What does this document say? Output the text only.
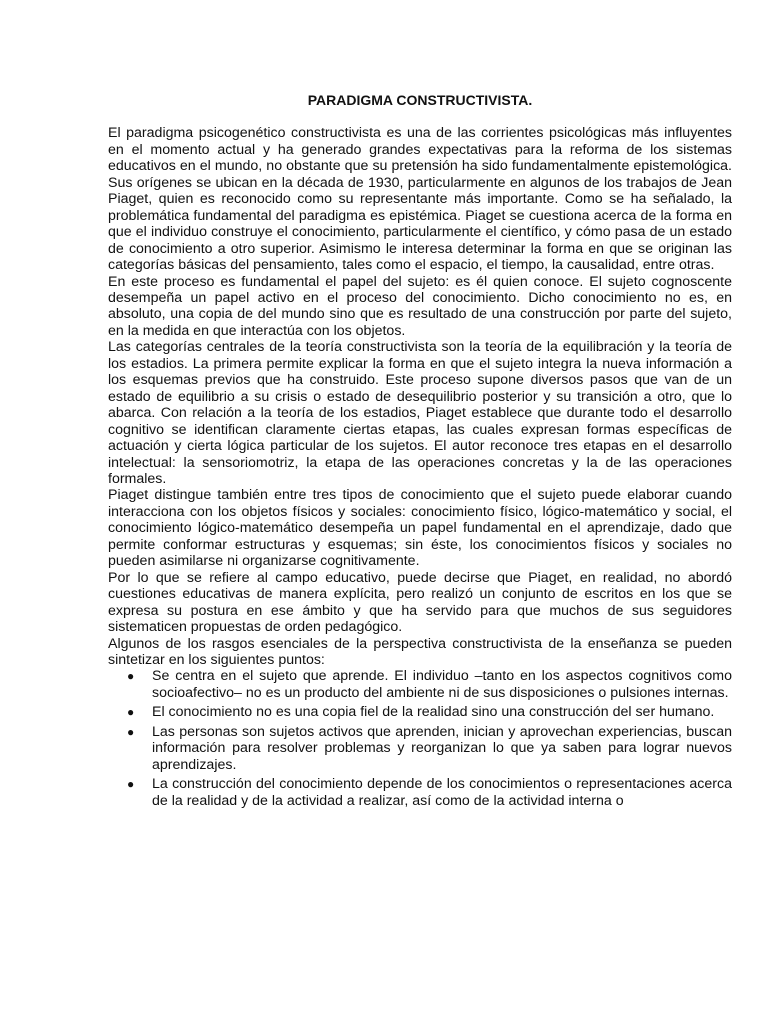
PARADIGMA CONSTRUCTIVISTA.

El paradigma psicogenético constructivista es una de las corrientes psicológicas más influyentes en el momento actual y ha generado grandes expectativas para la reforma de los sistemas educativos en el mundo, no obstante que su pretensión ha sido fundamentalmente epistemológica. Sus orígenes se ubican en la década de 1930, particularmente en algunos de los trabajos de Jean Piaget, quien es reconocido como su representante más importante. Como se ha señalado, la problemática fundamental del paradigma es epistémica. Piaget se cuestiona acerca de la forma en que el individuo construye el conocimiento, particularmente el científico, y cómo pasa de un estado de conocimiento a otro superior. Asimismo le interesa determinar la forma en que se originan las categorías básicas del pensamiento, tales como el espacio, el tiempo, la causalidad, entre otras.

En este proceso es fundamental el papel del sujeto: es él quien conoce. El sujeto cognoscente desempeña un papel activo en el proceso del conocimiento. Dicho conocimiento no es, en absoluto, una copia de del mundo sino que es resultado de una construcción por parte del sujeto, en la medida en que interactúa con los objetos.

Las categorías centrales de la teoría constructivista son la teoría de la equilibración y la teoría de los estadios. La primera permite explicar la forma en que el sujeto integra la nueva información a los esquemas previos que ha construido. Este proceso supone diversos pasos que van de un estado de equilibrio a su crisis o estado de desequilibrio posterior y su transición a otro, que lo abarca. Con relación a la teoría de los estadios, Piaget establece que durante todo el desarrollo cognitivo se identifican claramente ciertas etapas, las cuales expresan formas específicas de actuación y cierta lógica particular de los sujetos. El autor reconoce tres etapas en el desarrollo intelectual: la sensoriomotriz, la etapa de las operaciones concretas y la de las operaciones formales.

Piaget distingue también entre tres tipos de conocimiento que el sujeto puede elaborar cuando interacciona con los objetos físicos y sociales: conocimiento físico, lógico-matemático y social, el conocimiento lógico-matemático desempeña un papel fundamental en el aprendizaje, dado que permite conformar estructuras y esquemas; sin éste, los conocimientos físicos y sociales no pueden asimilarse ni organizarse cognitivamente.

Por lo que se refiere al campo educativo, puede decirse que Piaget, en realidad, no abordó cuestiones educativas de manera explícita, pero realizó un conjunto de escritos en los que se expresa su postura en ese ámbito y que ha servido para que muchos de sus seguidores sistematicen propuestas de orden pedagógico.

Algunos de los rasgos esenciales de la perspectiva constructivista de la enseñanza se pueden sintetizar en los siguientes puntos:

● Se centra en el sujeto que aprende. El individuo –tanto en los aspectos cognitivos como socioafectivo– no es un producto del ambiente ni de sus disposiciones o pulsiones internas.
● El conocimiento no es una copia fiel de la realidad sino una construcción del ser humano.
● Las personas son sujetos activos que aprenden, inician y aprovechan experiencias, buscan información para resolver problemas y reorganizan lo que ya saben para lograr nuevos aprendizajes.
● La construcción del conocimiento depende de los conocimientos o representaciones acerca de la realidad y de la actividad a realizar, así como de la actividad interna o
